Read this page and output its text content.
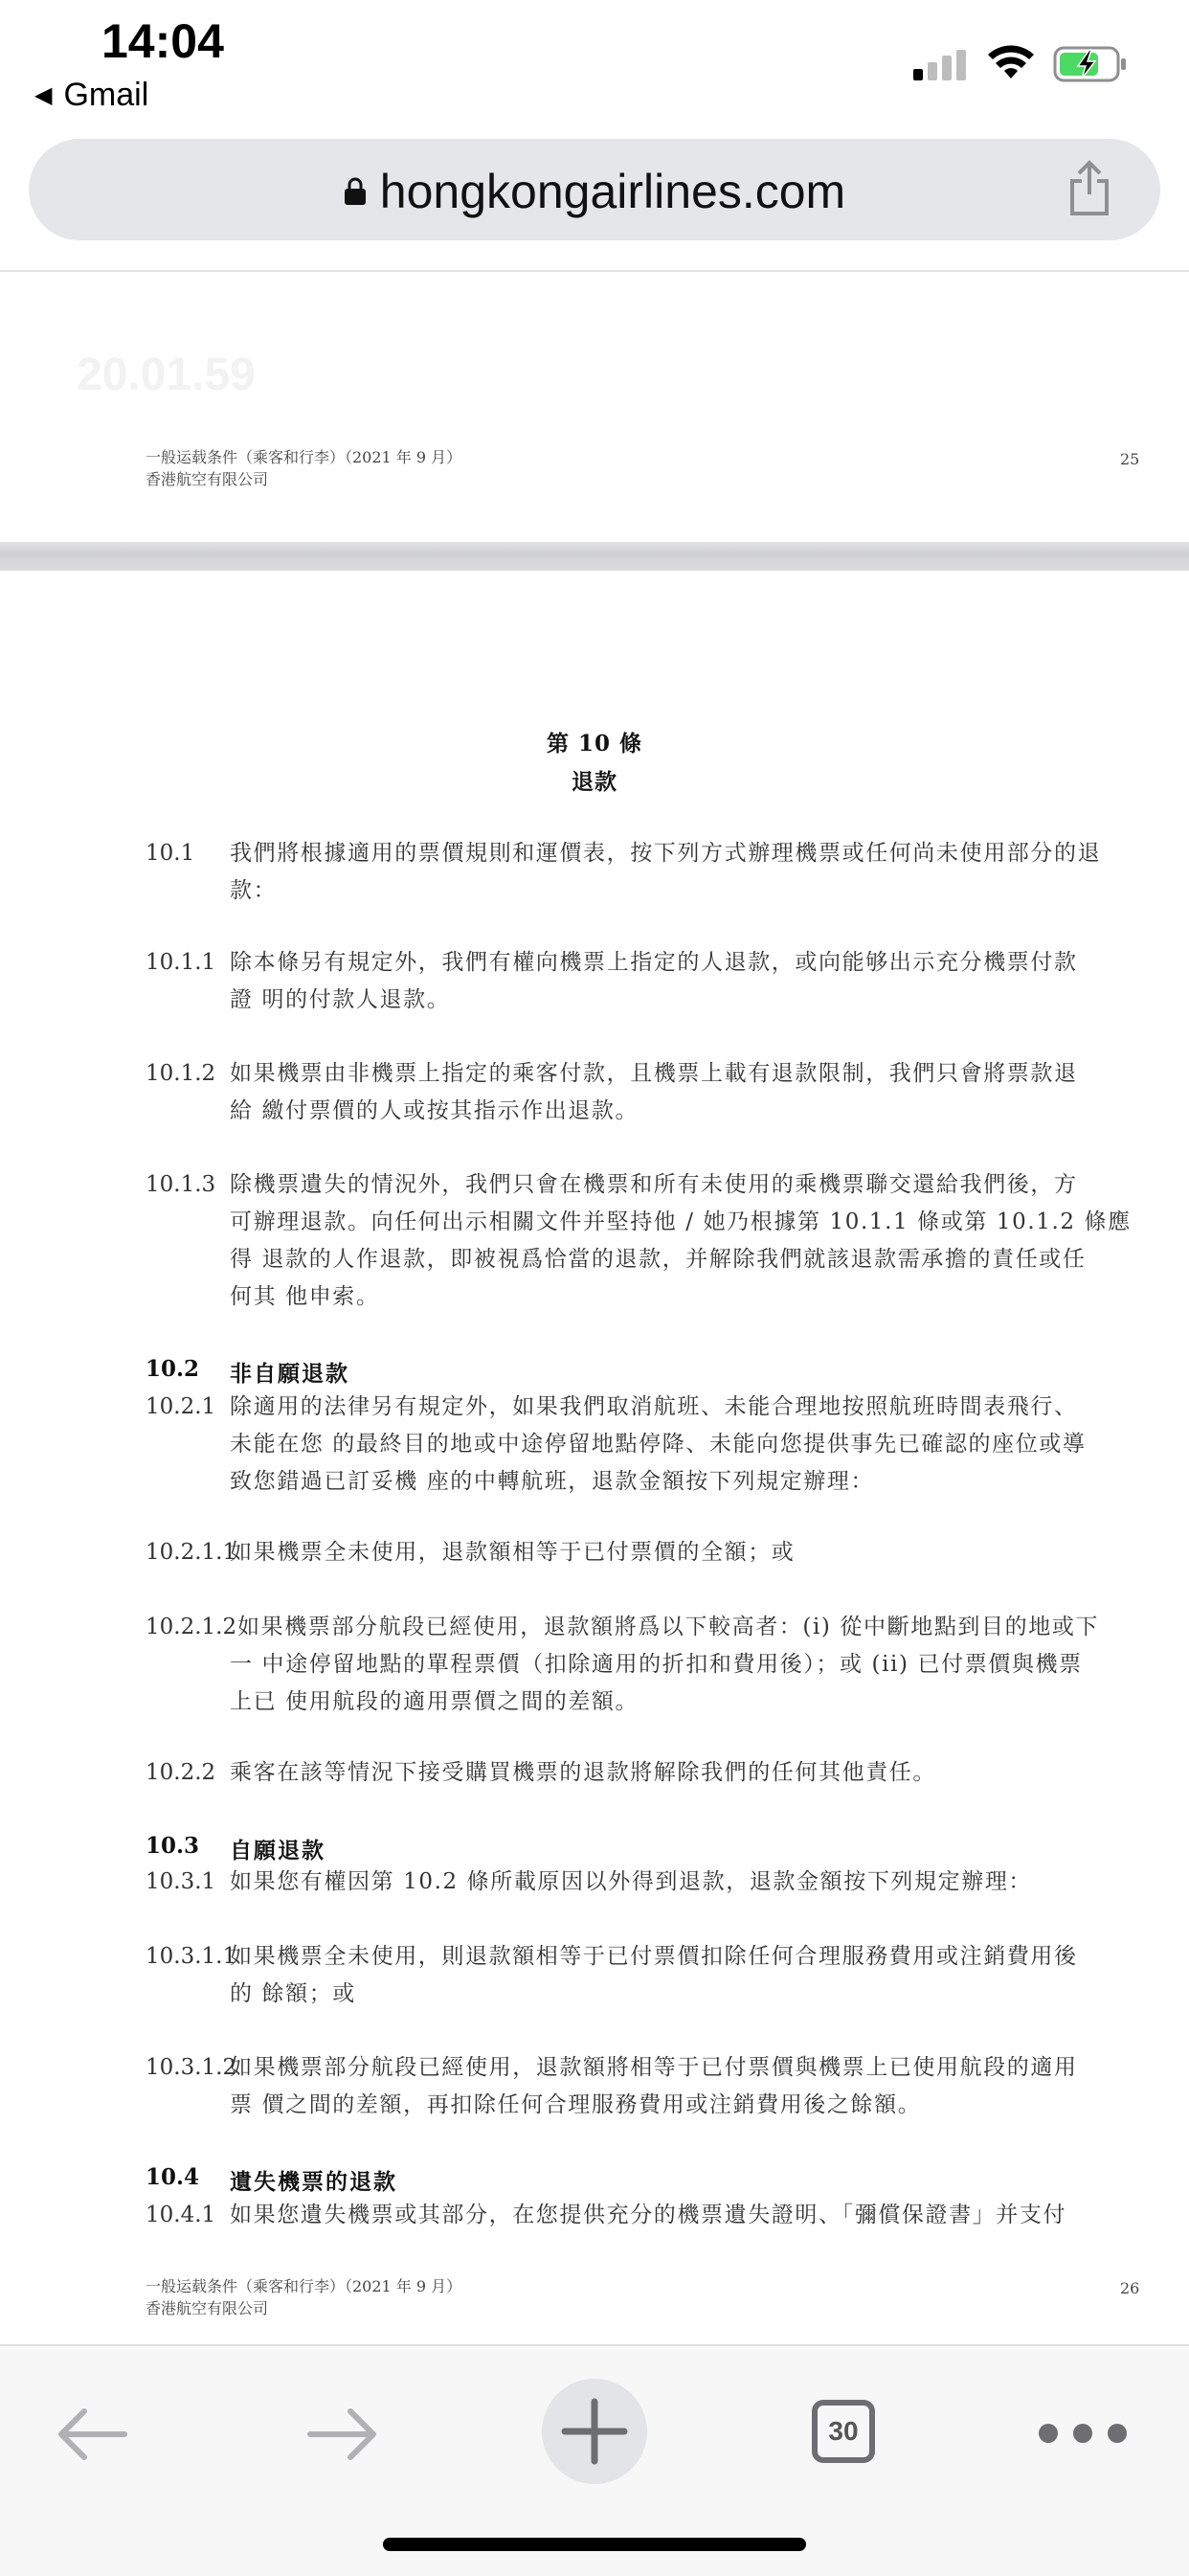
14:04
◀ Gmail
hongkongairlines.com
20.01.59
一般运载条件（乘客和行李）（2021 年 9 月）
香港航空有限公司
25
第 10 條
退款
10.1 我們將根據適用的票價規則和運價表，按下列方式辦理機票或任何尚未使用部分的退
款：
10.1.1 除本條另有規定外，我們有權向機票上指定的人退款，或向能够出示充分機票付款
證 明的付款人退款。
10.1.2 如果機票由非機票上指定的乘客付款，且機票上載有退款限制，我們只會將票款退
給 繳付票價的人或按其指示作出退款。
10.1.3 除機票遺失的情況外，我們只會在機票和所有未使用的乘機票聯交還給我們後，方
可辦理退款。向任何出示相關文件并堅持他 / 她乃根據第 10.1.1 條或第 10.1.2 條應
得 退款的人作退款，即被視爲恰當的退款，并解除我們就該退款需承擔的責任或任
何其 他申索。
10.2 非自願退款
10.2.1 除適用的法律另有規定外，如果我們取消航班、未能合理地按照航班時間表飛行、
未能在您 的最終目的地或中途停留地點停降、未能向您提供事先已確認的座位或導
致您錯過已訂妥機 座的中轉航班，退款金額按下列規定辦理：
10.2.1.1
如果機票全未使用，退款額相等于已付票價的全額；或
10.2.1.2 如果機票部分航段已經使用，退款額將爲以下較高者：(i) 從中斷地點到目的地或下
一 中途停留地點的單程票價（扣除適用的折扣和費用後）；或 (ii) 已付票價與機票
上已 使用航段的適用票價之間的差額。
10.2.2 乘客在該等情況下接受購買機票的退款將解除我們的任何其他責任。
10.3 自願退款
10.3.1 如果您有權因第 10.2 條所載原因以外得到退款，退款金額按下列規定辦理：
10.3.1.1
如果機票全未使用，則退款額相等于已付票價扣除任何合理服務費用或注銷費用後
的 餘額；或
10.3.1.2
如果機票部分航段已經使用，退款額將相等于已付票價與機票上已使用航段的適用
票 價之間的差額，再扣除任何合理服務費用或注銷費用後之餘額。
10.4 遺失機票的退款
10.4.1 如果您遺失機票或其部分，在您提供充分的機票遺失證明、「彌償保證書」并支付
一般运载条件（乘客和行李）（2021 年 9 月）
香港航空有限公司
26
30
